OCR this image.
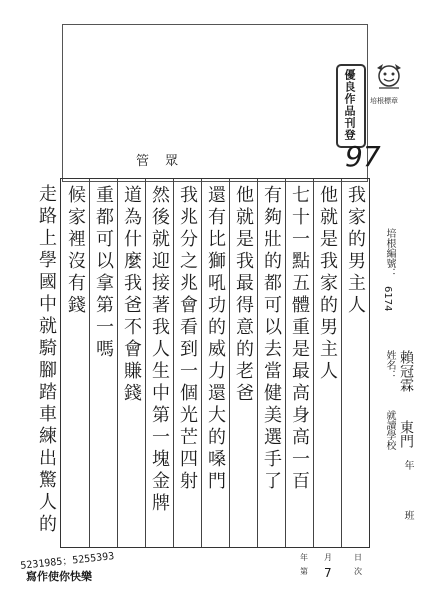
管 眾
優良作品刊登 培根標章
97
我家的男主人
他就是我家的男主人
七十一點五體重是最高身高一百
有夠壯的都可以去當健美選手了
他就是我最得意的老爸
還有比獅吼功的威力還大的嗓門
我兆分之兆會看到一個光芒四射
然後就迎接著我人生中第一塊金牌
道為什麼我爸不會賺錢
重都可以拿第一嗎
候家裡沒有錢
走路上學國中就騎腳踏車練出驚人的	培根編號：
6174
姓名： 賴冠霖
就讀學校 東門
年
班
5231985；5255393
寫作使你快樂
年 月	日
第 7	次
